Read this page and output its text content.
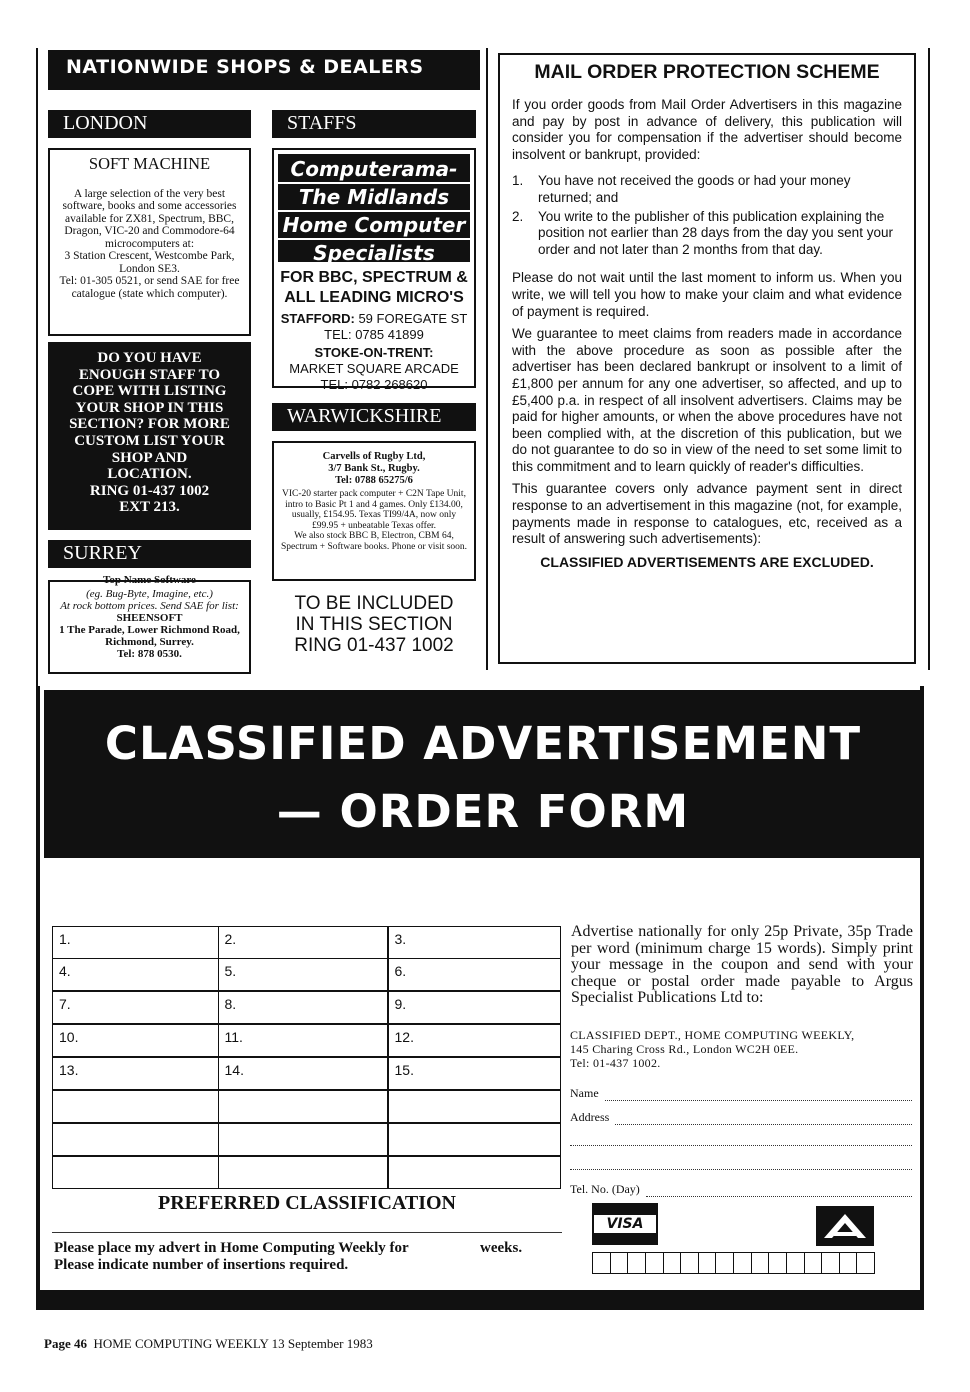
NATIONWIDE SHOPS & DEALERS
LONDON
SOFT MACHINE
A large selection of the very best software, books and some accessories available for ZX81, Spectrum, BBC, Dragon, VIC-20 and Commodore-64 microcomputers at:
3 Station Crescent, Westcombe Park, London SE3.
Tel: 01-305 0521, or send SAE for free catalogue (state which computer).
DO YOU HAVE
ENOUGH STAFF TO
COPE WITH LISTING
YOUR SHOP IN THIS
SECTION? FOR MORE
CUSTOM LIST YOUR
SHOP AND
LOCATION.
RING 01-437 1002
EXT 213.
SURREY
Top Name Software
(eg. Bug-Byte, Imagine, etc.)
At rock bottom prices. Send SAE for list:
SHEENSOFT
1 The Parade, Lower Richmond Road, Richmond, Surrey.
Tel: 878 0530.
STAFFS
Computerama-
The Midlands
Home Computer
Specialists
FOR BBC, SPECTRUM &
ALL LEADING MICRO'S
STAFFORD: 59 FOREGATE ST
TEL: 0785 41899
STOKE-ON-TRENT:
MARKET SQUARE ARCADE
TEL: 0782 268620
WARWICKSHIRE
Carvells of Rugby Ltd,
3/7 Bank St., Rugby.
Tel: 0788 65275/6
VIC-20 starter pack computer + C2N Tape Unit, intro to Basic Pt 1 and 4 games. Only £134.00, usually, £154.95. Texas TI99/4A, now only £99.95 + unbeatable Texas offer.
We also stock BBC B, Electron, CBM 64, Spectrum + Software books. Phone or visit soon.
TO BE INCLUDED
IN THIS SECTION
RING 01-437 1002
MAIL ORDER PROTECTION SCHEME
If you order goods from Mail Order Advertisers in this magazine and pay by post in advance of delivery, this publication will consider you for compensation if the advertiser should become insolvent or bankrupt, provided:
1.	You have not received the goods or had your money returned; and
2.	You write to the publisher of this publication explaining the position not earlier than 28 days from the day you sent your order and not later than 2 months from that day.
Please do not wait until the last moment to inform us. When you write, we will tell you how to make your claim and what evidence of payment is required.
We guarantee to meet claims from readers made in accordance with the above procedure as soon as possible after the advertiser has been declared bankrupt or insolvent to a limit of £1,800 per annum for any one advertiser, so affected, and up to £5,400 p.a. in respect of all insolvent advertisers. Claims may be paid for higher amounts, or when the above procedures have not been complied with, at the discretion of this publication, but we do not guarantee to do so in view of the need to set some limit to this commitment and to learn quickly of reader's difficulties.
This guarantee covers only advance payment sent in direct response to an advertisement in this magazine (not, for example, payments made in response to catalogues, etc, received as a result of answering such advertisements):
CLASSIFIED ADVERTISEMENTS ARE EXCLUDED.
CLASSIFIED ADVERTISEMENT
— ORDER FORM
1.	2.	3.
4.	5.	6.
7.	8.	9.
10.	11.	12.
13.	14.	15.
PREFERRED CLASSIFICATION
Please place my advert in Home Computing Weekly for	weeks.
Please indicate number of insertions required.
Advertise nationally for only 25p Private, 35p Trade per word (minimum charge 15 words). Simply print your message in the coupon and send with your cheque or postal order made payable to Argus Specialist Publications Ltd to:
CLASSIFIED DEPT., HOME COMPUTING WEEKLY,
145 Charing Cross Rd., London WC2H 0EE.
Tel: 01-437 1002.
Name
Address
Tel. No. (Day)
VISA
Page 46 HOME COMPUTING WEEKLY 13 September 1983
